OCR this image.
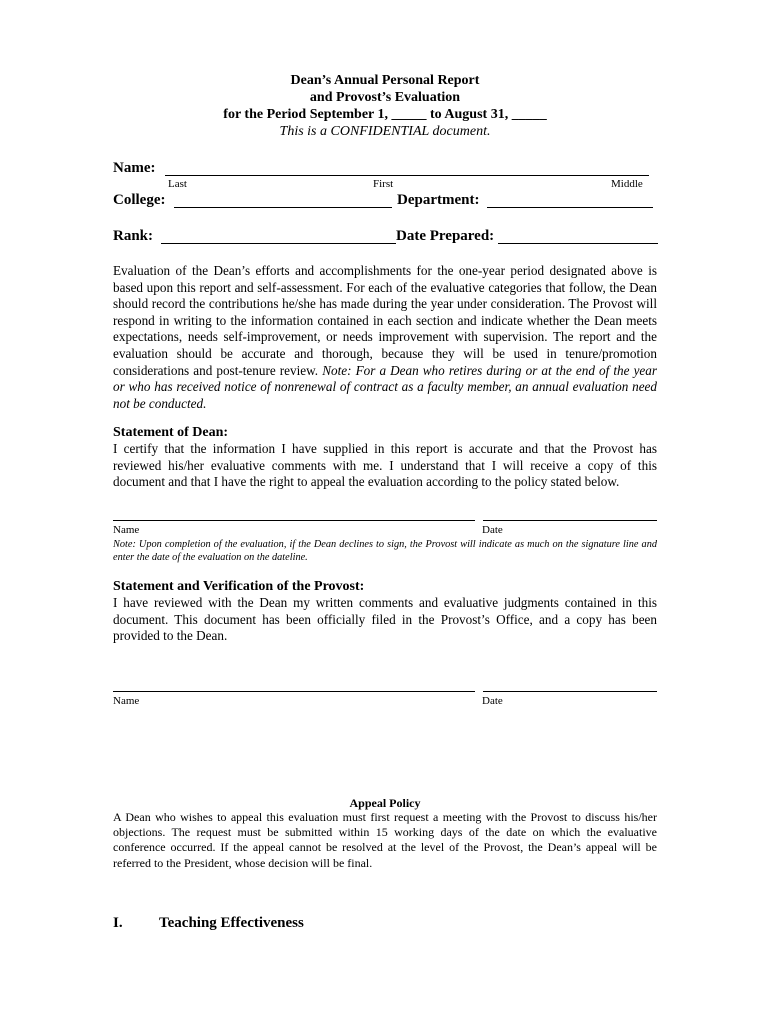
Dean’s Annual Personal Report
and Provost’s Evaluation
for the Period September 1, _____ to August 31, _____
This is a CONFIDENTIAL document.
Name:
Last	First	Middle
College:	Department:
Rank:	Date Prepared:
Evaluation of the Dean’s efforts and accomplishments for the one-year period designated above is based upon this report and self-assessment. For each of the evaluative categories that follow, the Dean should record the contributions he/she has made during the year under consideration. The Provost will respond in writing to the information contained in each section and indicate whether the Dean meets expectations, needs self-improvement, or needs improvement with supervision. The report and the evaluation should be accurate and thorough, because they will be used in tenure/promotion considerations and post-tenure review. Note: For a Dean who retires during or at the end of the year or who has received notice of nonrenewal of contract as a faculty member, an annual evaluation need not be conducted.
Statement of Dean:
I certify that the information I have supplied in this report is accurate and that the Provost has reviewed his/her evaluative comments with me. I understand that I will receive a copy of this document and that I have the right to appeal the evaluation according to the policy stated below.
Name	Date
Note: Upon completion of the evaluation, if the Dean declines to sign, the Provost will indicate as much on the signature line and enter the date of the evaluation on the dateline.
Statement and Verification of the Provost:
I have reviewed with the Dean my written comments and evaluative judgments contained in this document. This document has been officially filed in the Provost’s Office, and a copy has been provided to the Dean.
Name	Date
Appeal Policy
A Dean who wishes to appeal this evaluation must first request a meeting with the Provost to discuss his/her objections. The request must be submitted within 15 working days of the date on which the evaluative conference occurred. If the appeal cannot be resolved at the level of the Provost, the Dean’s appeal will be referred to the President, whose decision will be final.
I. Teaching Effectiveness
